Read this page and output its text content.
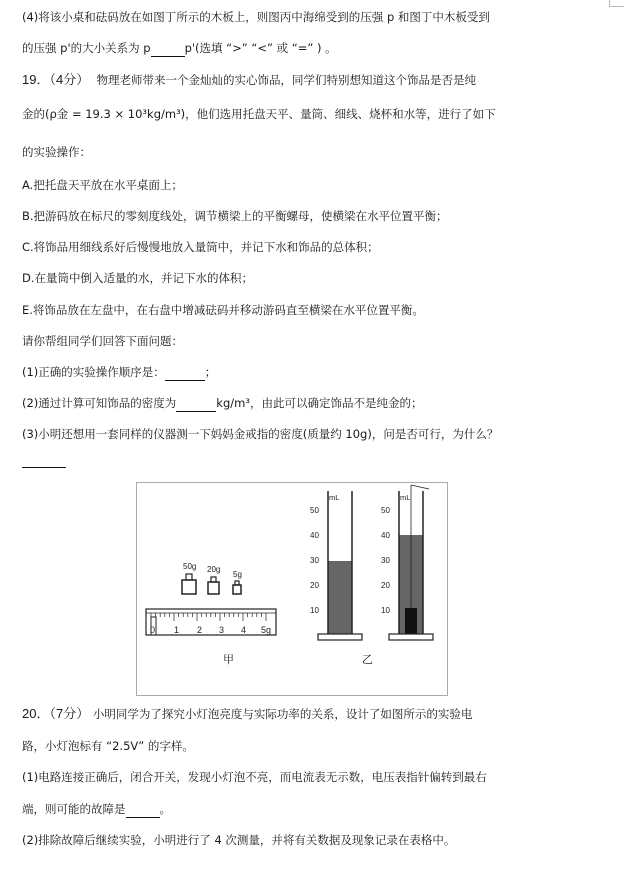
(4)将该小桌和砝码放在如图丁所示的木板上，则图丙中海绵受到的压强 p 和图丁中木板受到
的压强 p'的大小关系为 p	p'(选填 “>” “<” 或 “=” ) 。
19．（4分） 物理老师带来一个金灿灿的实心饰品，同学们特别想知道这个饰品是否是纯
金的(ρ金 = 19.3 × 10³kg/m³)，他们选用托盘天平、量筒、细线、烧杯和水等，进行了如下
的实验操作：
A.把托盘天平放在水平桌面上；
B.把游码放在标尺的零刻度线处，调节横梁上的平衡螺母，使横梁在水平位置平衡；
C.将饰品用细线系好后慢慢地放入量筒中，并记下水和饰品的总体积；
D.在量筒中倒入适量的水，并记下水的体积；
E.将饰品放在左盘中，在右盘中增减砝码并移动游码直至横梁在水平位置平衡。
请你帮组同学们回答下面问题：
(1)正确的实验操作顺序是：	；
(2)通过计算可知饰品的密度为	kg/m³，由此可以确定饰品不是纯金的；
(3)小明还想用一套同样的仪器测一下妈妈金戒指的密度(质量约 10g)，问是否可行，为什么？
50g 20g
5g
0 1 2 3 4 5g
甲
mL
50
40
30
20
10
mL
50
40
30
20
10
乙
20．（7分） 小明同学为了探究小灯泡亮度与实际功率的关系，设计了如图所示的实验电
路，小灯泡标有 “2.5V” 的字样。
(1)电路连接正确后，闭合开关，发现小灯泡不亮，而电流表无示数，电压表指针偏转到最右
端，则可能的故障是	。
(2)排除故障后继续实验，小明进行了 4 次测量，并将有关数据及现象记录在表格中。
